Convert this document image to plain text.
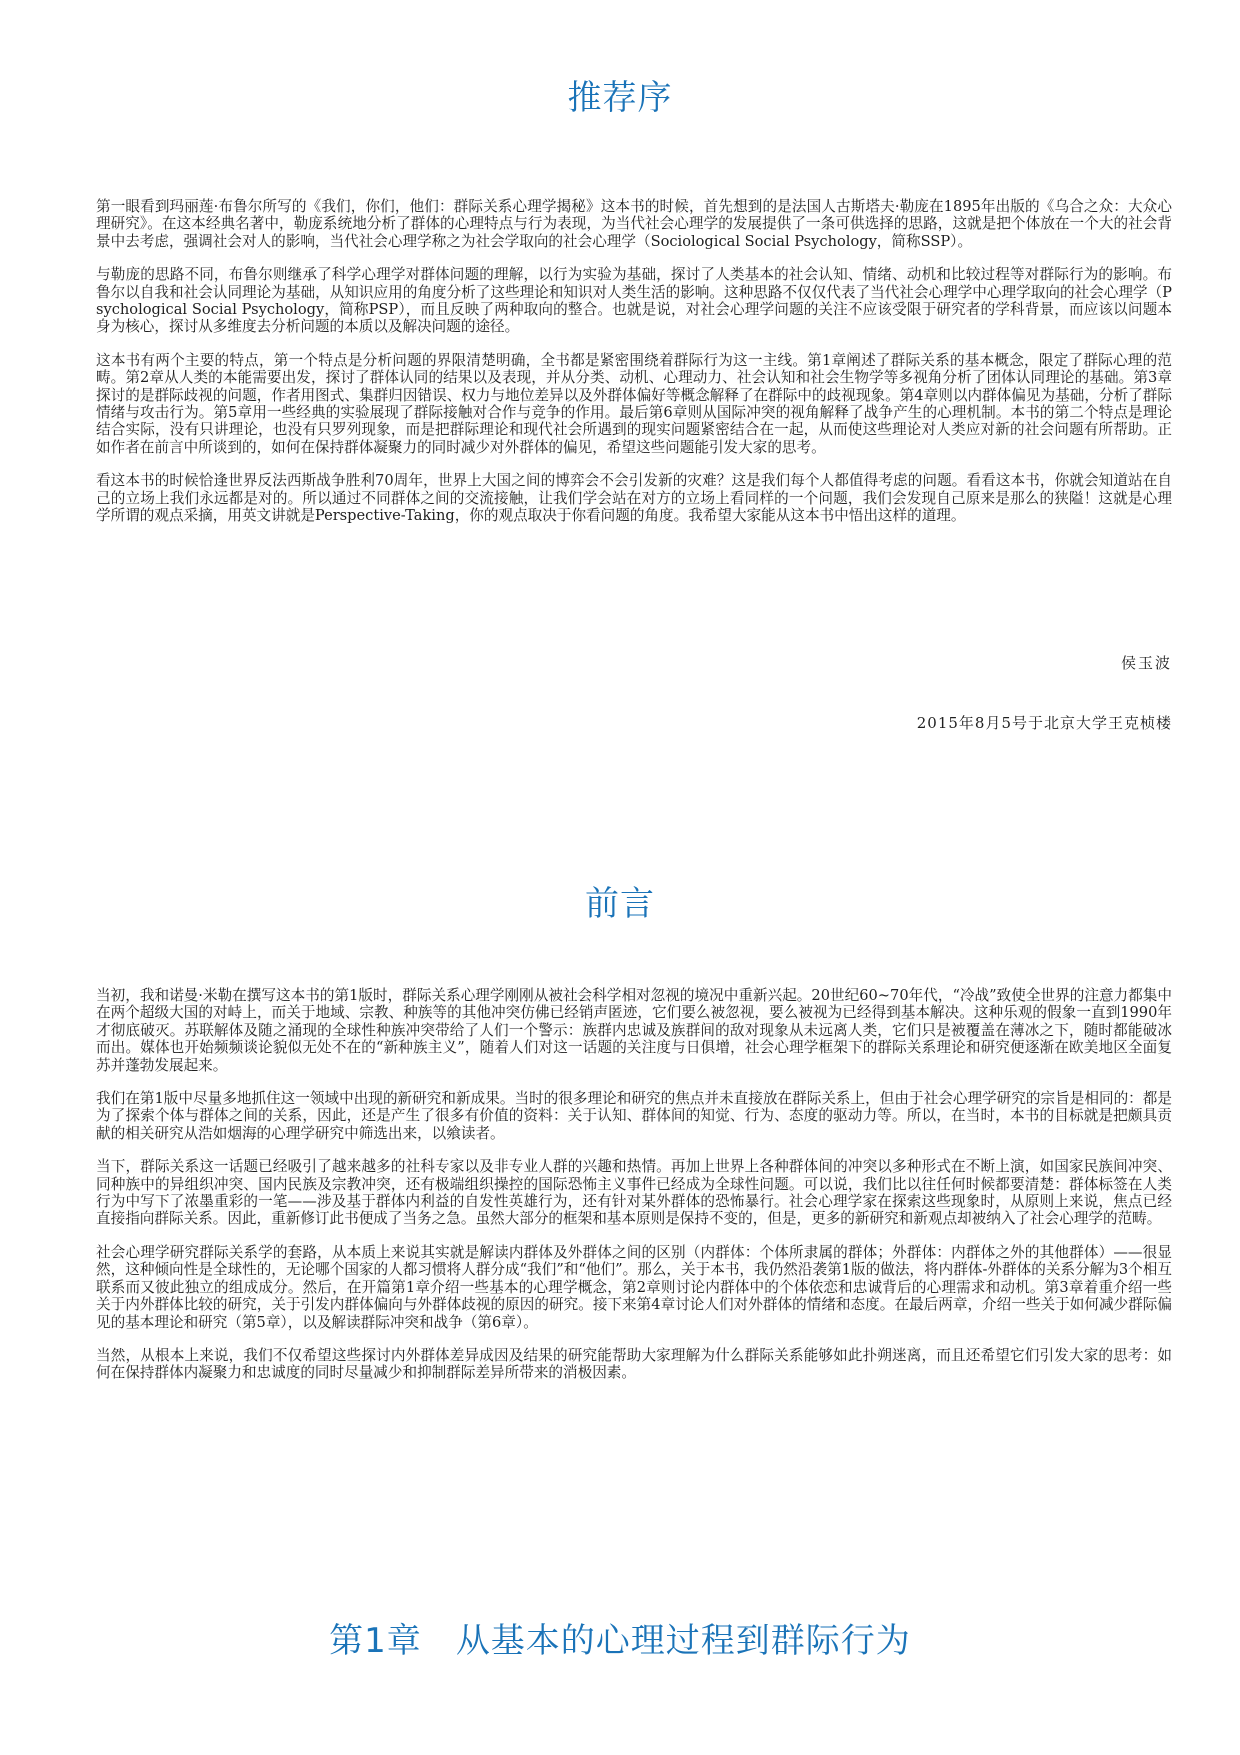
推荐序

第一眼看到玛丽莲·布鲁尔所写的《我们，你们，他们：群际关系心理学揭秘》这本书的时候，首先想到的是法国人古斯塔夫·勒庞在1895年出版的《乌合之众：大众心理研究》。在这本经典名著中，勒庞系统地分析了群体的心理特点与行为表现，为当代社会心理学的发展提供了一条可供选择的思路，这就是把个体放在一个大的社会背景中去考虑，强调社会对人的影响，当代社会心理学称之为社会学取向的社会心理学（Sociological Social Psychology，简称SSP）。

与勒庞的思路不同，布鲁尔则继承了科学心理学对群体问题的理解，以行为实验为基础，探讨了人类基本的社会认知、情绪、动机和比较过程等对群际行为的影响。布鲁尔以自我和社会认同理论为基础，从知识应用的角度分析了这些理论和知识对人类生活的影响。这种思路不仅仅代表了当代社会心理学中心理学取向的社会心理学（Psychological Social Psychology，简称PSP），而且反映了两种取向的整合。也就是说，对社会心理学问题的关注不应该受限于研究者的学科背景，而应该以问题本身为核心，探讨从多维度去分析问题的本质以及解决问题的途径。

这本书有两个主要的特点，第一个特点是分析问题的界限清楚明确，全书都是紧密围绕着群际行为这一主线。第1章阐述了群际关系的基本概念，限定了群际心理的范畴。第2章从人类的本能需要出发，探讨了群体认同的结果以及表现，并从分类、动机、心理动力、社会认知和社会生物学等多视角分析了团体认同理论的基础。第3章探讨的是群际歧视的问题，作者用图式、集群归因错误、权力与地位差异以及外群体偏好等概念解释了在群际中的歧视现象。第4章则以内群体偏见为基础，分析了群际情绪与攻击行为。第5章用一些经典的实验展现了群际接触对合作与竞争的作用。最后第6章则从国际冲突的视角解释了战争产生的心理机制。本书的第二个特点是理论结合实际，没有只讲理论，也没有只罗列现象，而是把群际理论和现代社会所遇到的现实问题紧密结合在一起，从而使这些理论对人类应对新的社会问题有所帮助。正如作者在前言中所谈到的，如何在保持群体凝聚力的同时减少对外群体的偏见，希望这些问题能引发大家的思考。

看这本书的时候恰逢世界反法西斯战争胜利70周年，世界上大国之间的博弈会不会引发新的灾难？这是我们每个人都值得考虑的问题。看看这本书，你就会知道站在自己的立场上我们永远都是对的。所以通过不同群体之间的交流接触，让我们学会站在对方的立场上看同样的一个问题，我们会发现自己原来是那么的狭隘！这就是心理学所谓的观点采摘，用英文讲就是Perspective-Taking，你的观点取决于你看问题的角度。我希望大家能从这本书中悟出这样的道理。

侯玉波
2015年8月5号于北京大学王克桢楼
前言

当初，我和诺曼·米勒在撰写这本书的第1版时，群际关系心理学刚刚从被社会科学相对忽视的境况中重新兴起。20世纪60~70年代，“冷战”致使全世界的注意力都集中在两个超级大国的对峙上，而关于地域、宗教、种族等的其他冲突仿佛已经销声匿迹，它们要么被忽视，要么被视为已经得到基本解决。这种乐观的假象一直到1990年才彻底破灭。苏联解体及随之涌现的全球性种族冲突带给了人们一个警示：族群内忠诚及族群间的敌对现象从未远离人类，它们只是被覆盖在薄冰之下，随时都能破冰而出。媒体也开始频频谈论貌似无处不在的“新种族主义”，随着人们对这一话题的关注度与日俱增，社会心理学框架下的群际关系理论和研究便逐渐在欧美地区全面复苏并蓬勃发展起来。

我们在第1版中尽量多地抓住这一领域中出现的新研究和新成果。当时的很多理论和研究的焦点并未直接放在群际关系上，但由于社会心理学研究的宗旨是相同的：都是为了探索个体与群体之间的关系，因此，还是产生了很多有价值的资料：关于认知、群体间的知觉、行为、态度的驱动力等。所以，在当时，本书的目标就是把颇具贡献的相关研究从浩如烟海的心理学研究中筛选出来，以飨读者。

当下，群际关系这一话题已经吸引了越来越多的社科专家以及非专业人群的兴趣和热情。再加上世界上各种群体间的冲突以多种形式在不断上演，如国家民族间冲突、同种族中的异组织冲突、国内民族及宗教冲突，还有极端组织操控的国际恐怖主义事件已经成为全球性问题。可以说，我们比以往任何时候都要清楚：群体标签在人类行为中写下了浓墨重彩的一笔——涉及基于群体内利益的自发性英雄行为，还有针对某外群体的恐怖暴行。社会心理学家在探索这些现象时，从原则上来说，焦点已经直接指向群际关系。因此，重新修订此书便成了当务之急。虽然大部分的框架和基本原则是保持不变的，但是，更多的新研究和新观点却被纳入了社会心理学的范畴。

社会心理学研究群际关系学的套路，从本质上来说其实就是解读内群体及外群体之间的区别（内群体：个体所隶属的群体；外群体：内群体之外的其他群体）——很显然，这种倾向性是全球性的，无论哪个国家的人都习惯将人群分成“我们”和“他们”。那么，关于本书，我仍然沿袭第1版的做法，将内群体-外群体的关系分解为3个相互联系而又彼此独立的组成成分。然后，在开篇第1章介绍一些基本的心理学概念，第2章则讨论内群体中的个体依恋和忠诚背后的心理需求和动机。第3章着重介绍一些关于内外群体比较的研究，关于引发内群体偏向与外群体歧视的原因的研究。接下来第4章讨论人们对外群体的情绪和态度。在最后两章，介绍一些关于如何减少群际偏见的基本理论和研究（第5章），以及解读群际冲突和战争（第6章）。

当然，从根本上来说，我们不仅希望这些探讨内外群体差异成因及结果的研究能帮助大家理解为什么群际关系能够如此扑朔迷离，而且还希望它们引发大家的思考：如何在保持群体内凝聚力和忠诚度的同时尽量减少和抑制群际差异所带来的消极因素。

第1章 从基本的心理过程到群际行为
